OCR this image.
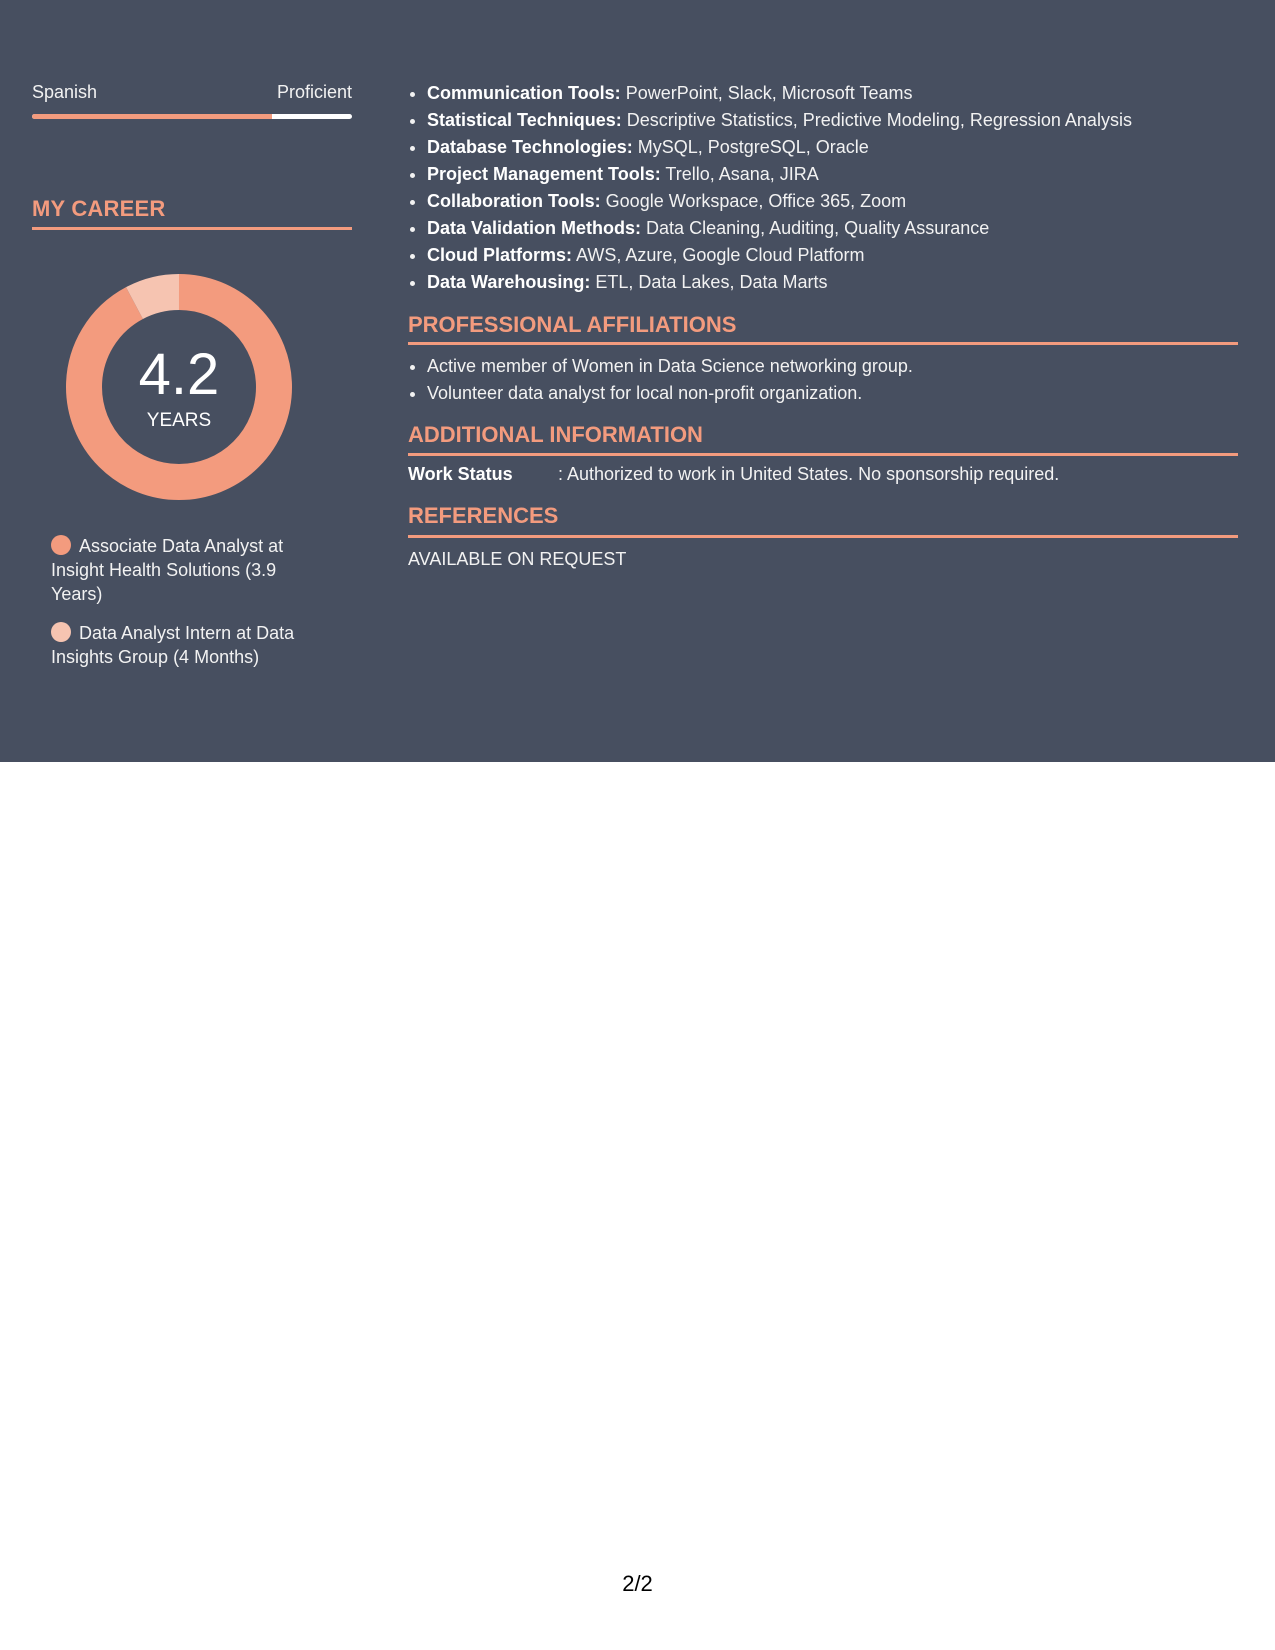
Spanish	Proficient
MY CAREER
4.2
YEARS
Associate Data Analyst at Insight Health Solutions (3.9 Years)
Data Analyst Intern at Data Insights Group (4 Months)
• Communication Tools: PowerPoint, Slack, Microsoft Teams
• Statistical Techniques: Descriptive Statistics, Predictive Modeling, Regression Analysis
• Database Technologies: MySQL, PostgreSQL, Oracle
• Project Management Tools: Trello, Asana, JIRA
• Collaboration Tools: Google Workspace, Office 365, Zoom
• Data Validation Methods: Data Cleaning, Auditing, Quality Assurance
• Cloud Platforms: AWS, Azure, Google Cloud Platform
• Data Warehousing: ETL, Data Lakes, Data Marts
PROFESSIONAL AFFILIATIONS
• Active member of Women in Data Science networking group.
• Volunteer data analyst for local non-profit organization.
ADDITIONAL INFORMATION
Work Status	: Authorized to work in United States. No sponsorship required.
REFERENCES
AVAILABLE ON REQUEST
2/2
